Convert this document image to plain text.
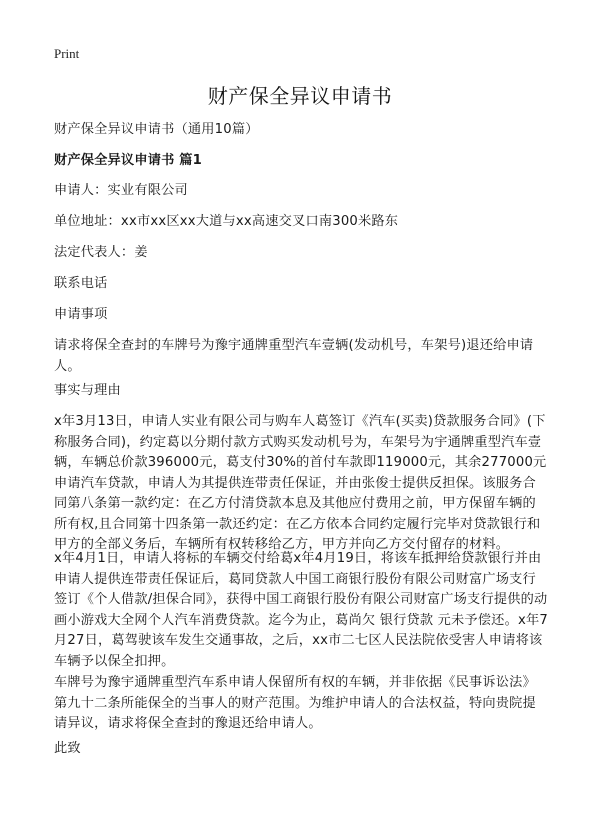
Print
财产保全异议申请书
财产保全异议申请书（通用10篇）
财产保全异议申请书 篇1
申请人：实业有限公司
单位地址：xx市xx区xx大道与xx高速交叉口南300米路东
法定代表人：姜
联系电话
申请事项
请求将保全查封的车牌号为豫宇通牌重型汽车壹辆(发动机号，车架号)退还给申请人。
事实与理由
x年3月13日，申请人实业有限公司与购车人葛签订《汽车(买卖)贷款服务合同》(下称服务合同)，约定葛以分期付款方式购买发动机号为，车架号为宇通牌重型汽车壹辆，车辆总价款396000元，葛支付30%的首付车款即119000元，其余277000元申请汽车贷款，申请人为其提供连带责任保证，并由张俊士提供反担保。该服务合同第八条第一款约定：在乙方付清贷款本息及其他应付费用之前，甲方保留车辆的所有权,且合同第十四条第一款还约定：在乙方依本合同约定履行完毕对贷款银行和甲方的全部义务后，车辆所有权转移给乙方，甲方并向乙方交付留存的材料。
x年4月1日，申请人将标的车辆交付给葛x年4月19日，将该车抵押给贷款银行并由申请人提供连带责任保证后，葛同贷款人中国工商银行股份有限公司财富广场支行签订《个人借款/担保合同》，获得中国工商银行股份有限公司财富广场支行提供的动画小游戏大全网个人汽车消费贷款。迄今为止，葛尚欠 银行贷款 元未予偿还。x年7月27日，葛驾驶该车发生交通事故，之后，xx市二七区人民法院依受害人申请将该车辆予以保全扣押。
车牌号为豫宇通牌重型汽车系申请人保留所有权的车辆，并非依据《民事诉讼法》第九十二条所能保全的当事人的财产范围。为维护申请人的合法权益，特向贵院提请异议，请求将保全查封的豫退还给申请人。
此致
